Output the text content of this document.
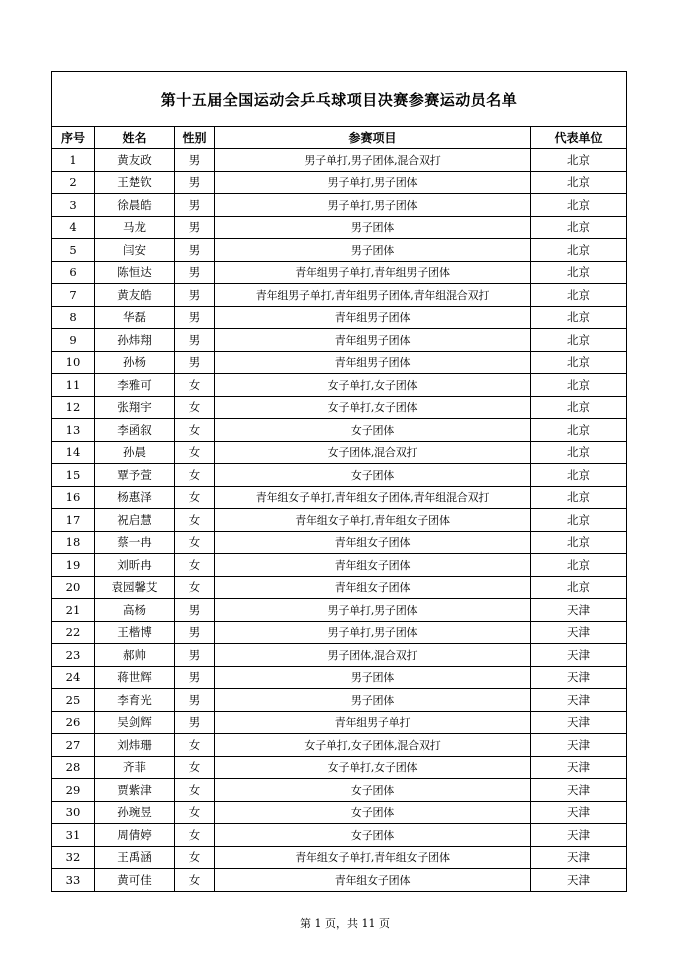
第十五届全国运动会乒乓球项目决赛参赛运动员名单				
序号	姓名	性别	参赛项目	代表单位
1	黄友政	男	男子单打,男子团体,混合双打	北京
2	王楚钦	男	男子单打,男子团体	北京
3	徐晨皓	男	男子单打,男子团体	北京
4	马龙	男	男子团体	北京
5	闫安	男	男子团体	北京
6	陈恒达	男	青年组男子单打,青年组男子团体	北京
7	黄友皓	男	青年组男子单打,青年组男子团体,青年组混合双打	北京
8	华磊	男	青年组男子团体	北京
9	孙炜翔	男	青年组男子团体	北京
10	孙杨	男	青年组男子团体	北京
11	李雅可	女	女子单打,女子团体	北京
12	张翔宇	女	女子单打,女子团体	北京
13	李函叙	女	女子团体	北京
14	孙晨	女	女子团体,混合双打	北京
15	覃予萱	女	女子团体	北京
16	杨惠泽	女	青年组女子单打,青年组女子团体,青年组混合双打	北京
17	祝启慧	女	青年组女子单打,青年组女子团体	北京
18	蔡一冉	女	青年组女子团体	北京
19	刘昕冉	女	青年组女子团体	北京
20	袁园馨艾	女	青年组女子团体	北京
21	高杨	男	男子单打,男子团体	天津
22	王楷博	男	男子单打,男子团体	天津
23	郝帅	男	男子团体,混合双打	天津
24	蒋世辉	男	男子团体	天津
25	李育光	男	男子团体	天津
26	吴剑辉	男	青年组男子单打	天津
27	刘炜珊	女	女子单打,女子团体,混合双打	天津
28	齐菲	女	女子单打,女子团体	天津
29	贾紫津	女	女子团体	天津
30	孙琬昱	女	女子团体	天津
31	周倩婷	女	女子团体	天津
32	王禹涵	女	青年组女子单打,青年组女子团体	天津
33	黄可佳	女	青年组女子团体	天津
第 1 页，共 11 页
